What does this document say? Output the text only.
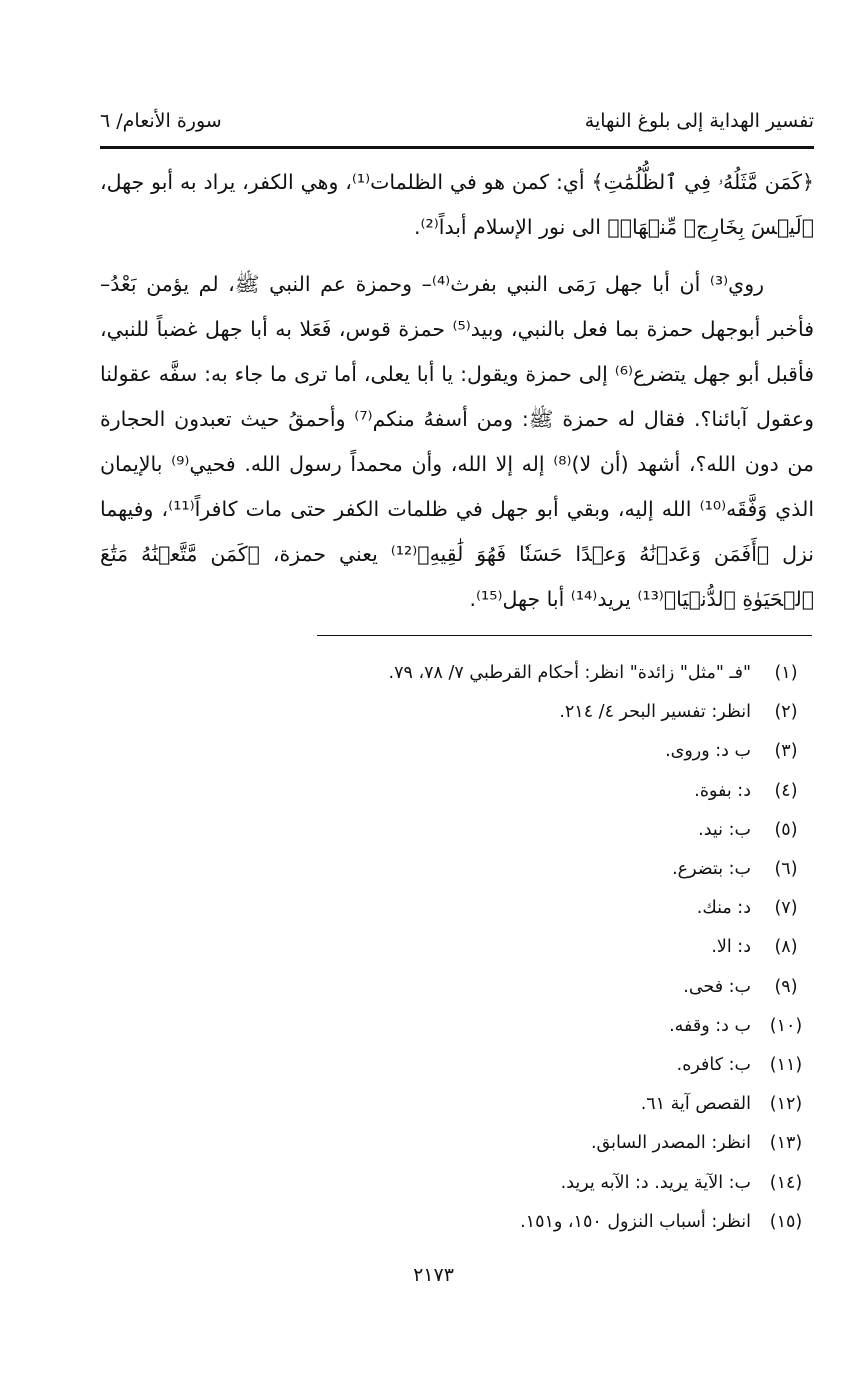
تفسير الهداية إلى بلوغ النهاية
سورة الأنعام/ ٦

﴿كَمَن مَّثَلُهُۥ فِي ٱلظُّلُمَٰتِ﴾ أي: كمن هو في الظلمات⁽¹⁾، وهي الكفر، يراد به أبو جهل، ﴿لَيۡسَ بِخَارِجٖ مِّنۡهَاۚ﴾ الى نور الإسلام أبداً⁽²⁾.

روي⁽³⁾ أن أبا جهل رَمَى النبي بفرث⁽⁴⁾– وحمزة عم النبي ﷺ، لم يؤمن بَعْدُ– فأخبر أبوجهل حمزة بما فعل بالنبي، وبيد⁽⁵⁾ حمزة قوس، فَعَلا به أبا جهل غضباً للنبي، فأقبل أبو جهل يتضرع⁽⁶⁾ إلى حمزة ويقول: يا أبا يعلى، أما ترى ما جاء به: سفَّه عقولنا وعقول آبائنا؟. فقال له حمزة ﷺ: ومن أسفهُ منكم⁽⁷⁾ وأحمقُ حيث تعبدون الحجارة من دون الله؟، أشهد (أن لا)⁽⁸⁾ إله إلا الله، وأن محمداً رسول الله. فحيي⁽⁹⁾ بالإيمان الذي وَفَّقَه⁽¹⁰⁾ الله إليه، وبقي أبو جهل في ظلمات الكفر حتى مات كافراً⁽¹¹⁾، وفيهما نزل ﴿أَفَمَن وَعَدۡنَٰهُ وَعۡدًا حَسَنٗا فَهُوَ لَٰقِيهِ﴾⁽¹²⁾ يعني حمزة، ﴿كَمَن مَّتَّعۡنَٰهُ مَتَٰعَ ٱلۡحَيَوٰةِ ٱلدُّنۡيَا﴾⁽¹³⁾ يريد⁽¹⁴⁾ أبا جهل⁽¹⁵⁾.

(١)
"فـ "مثل" زائدة" انظر: أحكام القرطبي ٧/ ٧٨، ٧٩.
(٢)
انظر: تفسير البحر ٤/ ٢١٤.
(٣)
ب د: وروى.
(٤)
د: بفوة.
(٥)
ب: نيد.
(٦)
ب: بتضرع.
(٧)
د: منك.
(٨)
د: الا.
(٩)
ب: فحى.
(١٠)
ب د: وقفه.
(١١)
ب: كافره.
(١٢)
القصص آية ٦١.
(١٣)
انظر: المصدر السابق.
(١٤)
ب: الآية يريد. د: الآبه يريد.
(١٥)
انظر: أسباب النزول ١٥٠، و١٥١.
٢١٧٣
